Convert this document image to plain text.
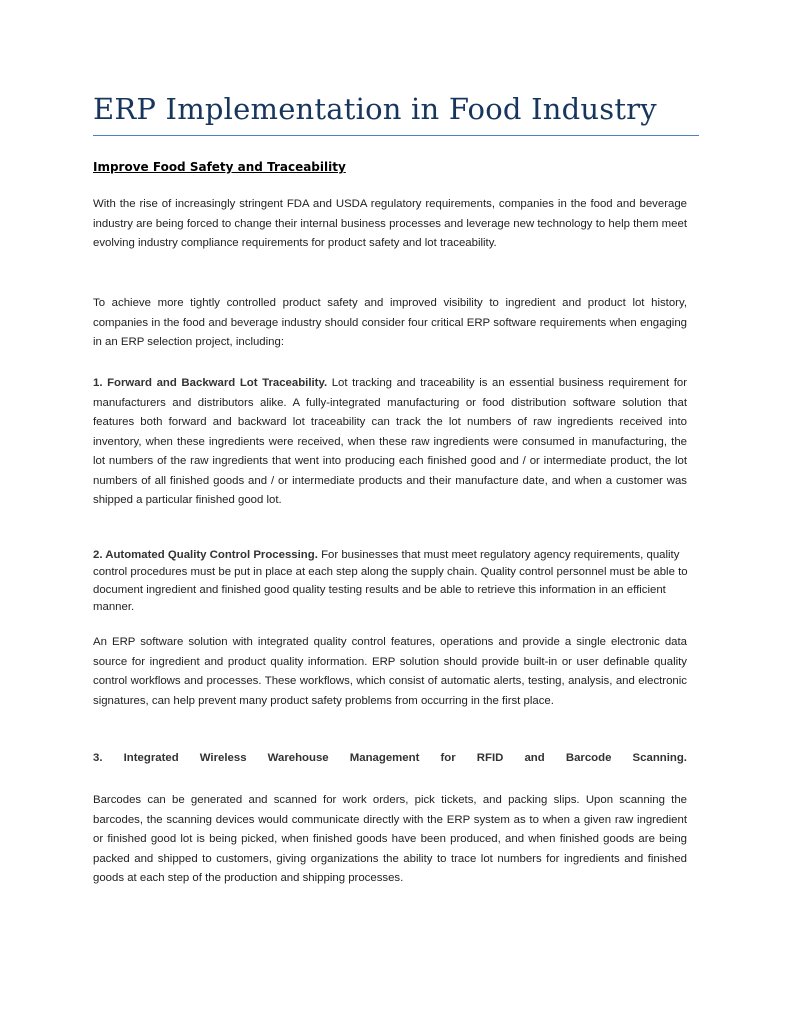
ERP Implementation in Food Industry
Improve Food Safety and Traceability

With the rise of increasingly stringent FDA and USDA regulatory requirements, companies in the food and beverage industry are being forced to change their internal business processes and leverage new technology to help them meet evolving industry compliance requirements for product safety and lot traceability.

To achieve more tightly controlled product safety and improved visibility to ingredient and product lot history, companies in the food and beverage industry should consider four critical ERP software requirements when engaging in an ERP selection project, including:

1. Forward and Backward Lot Traceability. Lot tracking and traceability is an essential business requirement for manufacturers and distributors alike. A fully-integrated manufacturing or food distribution software solution that features both forward and backward lot traceability can track the lot numbers of raw ingredients received into inventory, when these ingredients were received, when these raw ingredients were consumed in manufacturing, the lot numbers of the raw ingredients that went into producing each finished good and / or intermediate product, the lot numbers of all finished goods and / or intermediate products and their manufacture date, and when a customer was shipped a particular finished good lot.

2. Automated Quality Control Processing. For businesses that must meet regulatory agency requirements, quality control procedures must be put in place at each step along the supply chain. Quality control personnel must be able to document ingredient and finished good quality testing results and be able to retrieve this information in an efficient manner.

An ERP software solution with integrated quality control features, operations and provide a single electronic data source for ingredient and product quality information. ERP solution should provide built-in or user definable quality control workflows and processes. These workflows, which consist of automatic alerts, testing, analysis, and electronic signatures, can help prevent many product safety problems from occurring in the first place.

3. Integrated Wireless Warehouse Management for RFID and Barcode Scanning.

Barcodes can be generated and scanned for work orders, pick tickets, and packing slips. Upon scanning the barcodes, the scanning devices would communicate directly with the ERP system as to when a given raw ingredient or finished good lot is being picked, when finished goods have been produced, and when finished goods are being packed and shipped to customers, giving organizations the ability to trace lot numbers for ingredients and finished goods at each step of the production and shipping processes.
